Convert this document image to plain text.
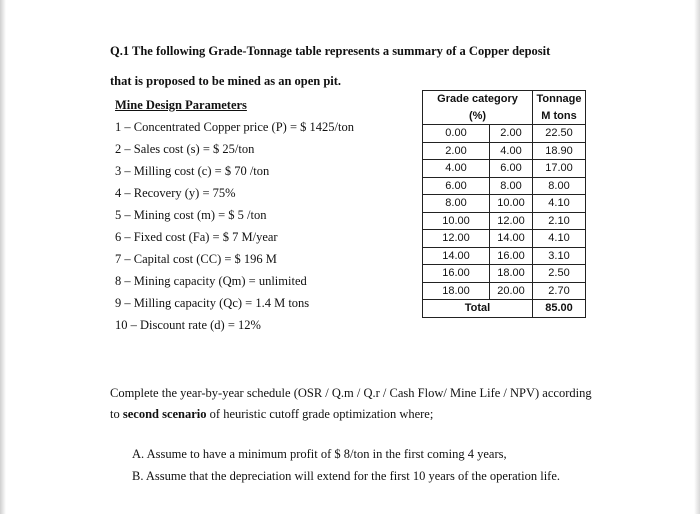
Q.1 The following Grade-Tonnage table represents a summary of a Copper deposit
that is proposed to be mined as an open pit.
Mine Design Parameters
1 – Concentrated Copper price (P) = $ 1425/ton
2 – Sales cost (s) = $ 25/ton
3 – Milling cost (c) = $ 70 /ton
4 – Recovery (y) = 75%
5 – Mining cost (m) = $ 5 /ton
6 – Fixed cost (Fa) = $ 7 M/year
7 – Capital cost (CC) = $ 196 M
8 – Mining capacity (Qm) = unlimited
9 – Milling capacity (Qc) = 1.4 M tons
10 – Discount rate (d) = 12%
Grade category		Tonnage
(%)		M tons
0.00	2.00	22.50
2.00	4.00	18.90
4.00	6.00	17.00
6.00	8.00	8.00
8.00	10.00	4.10
10.00	12.00	2.10
12.00	14.00	4.10
14.00	16.00	3.10
16.00	18.00	2.50
18.00	20.00	2.70
Total		85.00
Complete the year-by-year schedule (OSR / Q.m / Q.r / Cash Flow/ Mine Life / NPV) according
to second scenario of heuristic cutoff grade optimization where;
A. Assume to have a minimum profit of $ 8/ton in the first coming 4 years,
B. Assume that the depreciation will extend for the first 10 years of the operation life.
